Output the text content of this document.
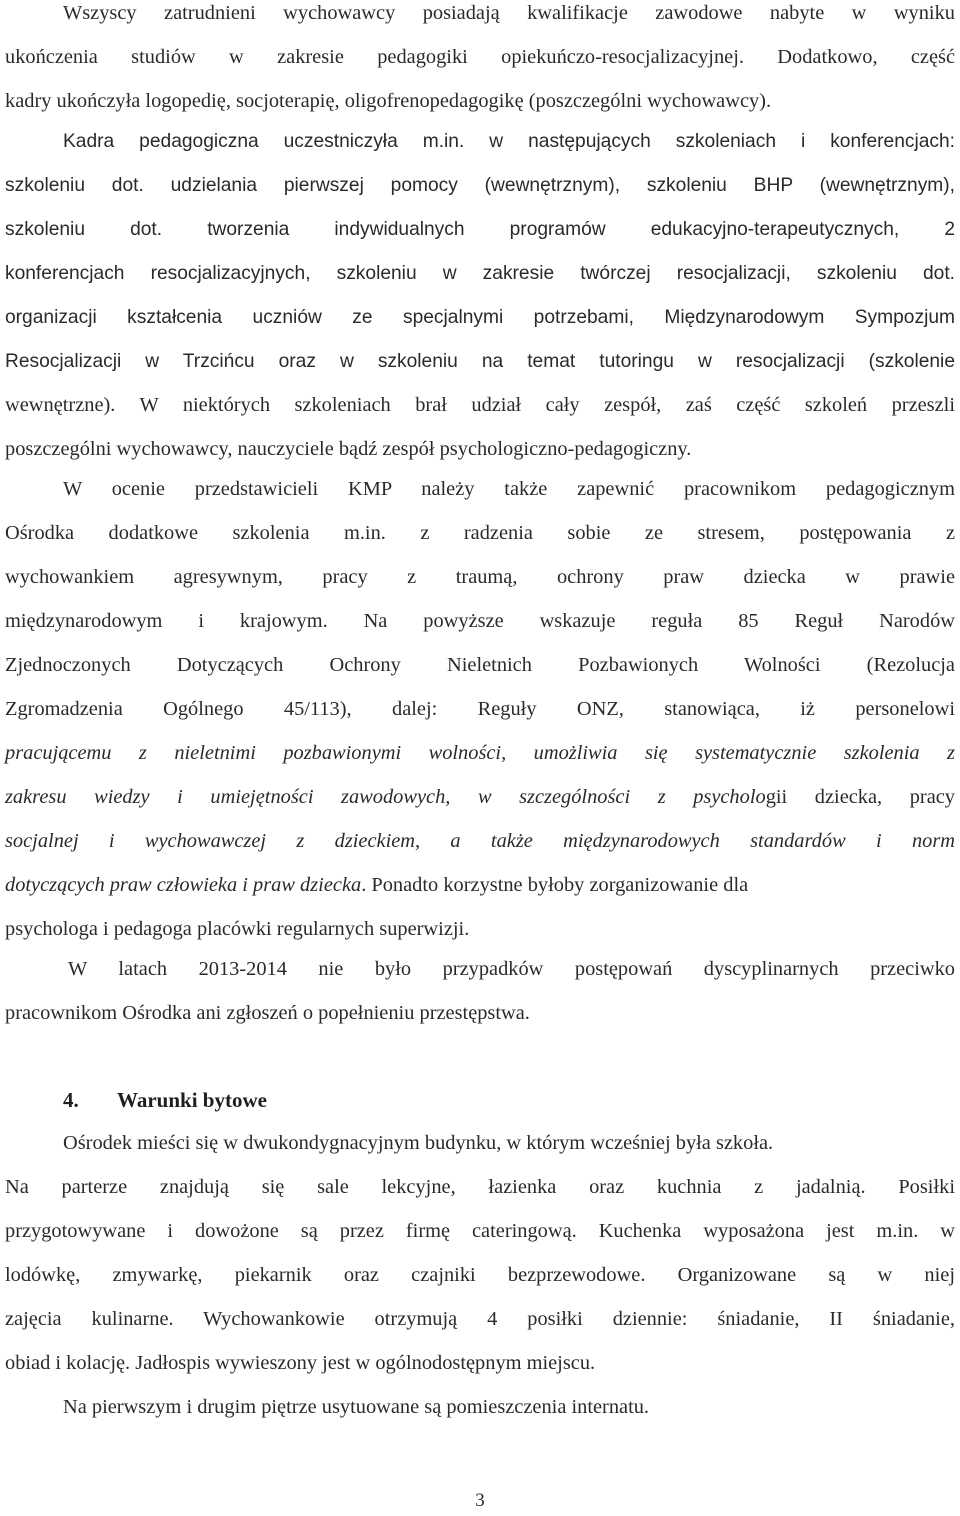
Wszyscy zatrudnieni wychowawcy posiadają kwalifikacje zawodowe nabyte w wyniku
ukończenia studiów w zakresie pedagogiki opiekuńczo-resocjalizacyjnej. Dodatkowo, część
kadry ukończyła logopedię, socjoterapię, oligofrenopedagogikę (poszczególni wychowawcy).
Kadra pedagogiczna uczestniczyła m.in. w następujących szkoleniach i konferencjach:
szkoleniu dot. udzielania pierwszej pomocy (wewnętrznym), szkoleniu BHP (wewnętrznym),
szkoleniu dot. tworzenia indywidualnych programów edukacyjno-terapeutycznych, 2
konferencjach resocjalizacyjnych, szkoleniu w zakresie twórczej resocjalizacji, szkoleniu dot.
organizacji kształcenia uczniów ze specjalnymi potrzebami, Międzynarodowym Sympozjum
Resocjalizacji w Trzcińcu oraz w szkoleniu na temat tutoringu w resocjalizacji (szkolenie
wewnętrzne). W niektórych szkoleniach brał udział cały zespół, zaś część szkoleń przeszli
poszczególni wychowawcy, nauczyciele bądź zespół psychologiczno-pedagogiczny.
W ocenie przedstawicieli KMP należy także zapewnić pracownikom pedagogicznym
Ośrodka dodatkowe szkolenia m.in. z radzenia sobie ze stresem, postępowania z
wychowankiem agresywnym, pracy z traumą, ochrony praw dziecka w prawie
międzynarodowym i krajowym. Na powyższe wskazuje reguła 85 Reguł Narodów
Zjednoczonych Dotyczących Ochrony Nieletnich Pozbawionych Wolności (Rezolucja
Zgromadzenia Ogólnego 45/113), dalej: Reguły ONZ, stanowiąca, iż personelowi
pracującemu z nieletnimi pozbawionymi wolności, umożliwia się systematycznie szkolenia z
zakresu wiedzy i umiejętności zawodowych, w szczególności z psychologii dziecka, pracy
socjalnej i wychowawczej z dzieckiem, a także międzynarodowych standardów i norm
dotyczących praw człowieka i praw dziecka. Ponadto korzystne byłoby zorganizowanie dla
psychologa i pedagoga placówki regularnych superwizji.
W latach 2013-2014 nie było przypadków postępowań dyscyplinarnych przeciwko
pracownikom Ośrodka ani zgłoszeń o popełnieniu przestępstwa.
4. Warunki bytowe
Ośrodek mieści się w dwukondygnacyjnym budynku, w którym wcześniej była szkoła.
Na parterze znajdują się sale lekcyjne, łazienka oraz kuchnia z jadalnią. Posiłki
przygotowywane i dowożone są przez firmę cateringową. Kuchenka wyposażona jest m.in. w
lodówkę, zmywarkę, piekarnik oraz czajniki bezprzewodowe. Organizowane są w niej
zajęcia kulinarne. Wychowankowie otrzymują 4 posiłki dziennie: śniadanie, II śniadanie,
obiad i kolację. Jadłospis wywieszony jest w ogólnodostępnym miejscu.
Na pierwszym i drugim piętrze usytuowane są pomieszczenia internatu.
3
